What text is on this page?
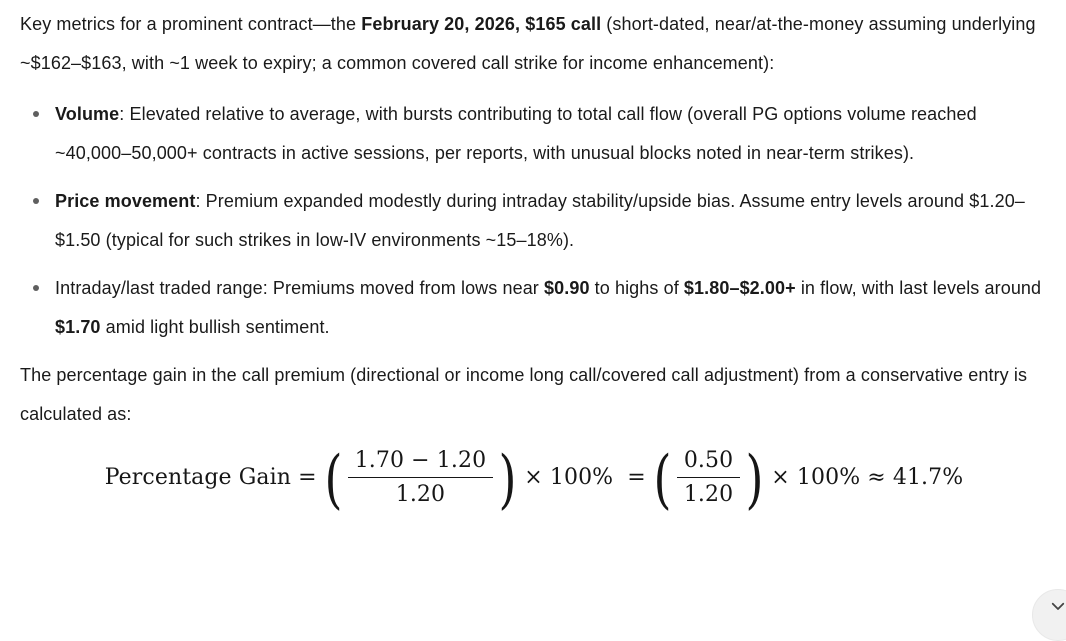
Key metrics for a prominent contract—the February 20, 2026, $165 call (short-dated, near/at-the-money assuming underlying ~$162–$163, with ~1 week to expiry; a common covered call strike for income enhancement):

Volume: Elevated relative to average, with bursts contributing to total call flow (overall PG options volume reached ~40,000–50,000+ contracts in active sessions, per reports, with unusual blocks noted in near-term strikes).
Price movement: Premium expanded modestly during intraday stability/upside bias. Assume entry levels around $1.20–$1.50 (typical for such strikes in low-IV environments ~15–18%).
Intraday/last traded range: Premiums moved from lows near $0.90 to highs of $1.80–$2.00+ in flow, with last levels around $1.70 amid light bullish sentiment.

The percentage gain in the call premium (directional or income long call/covered call adjustment) from a conservative entry is calculated as:

Percentage Gain = ( $\frac{1.70 - 1.20}{1.20}$ ) × 100% = ( $\frac{0.50}{1.20}$ ) × 100% ≈ 41.7%
